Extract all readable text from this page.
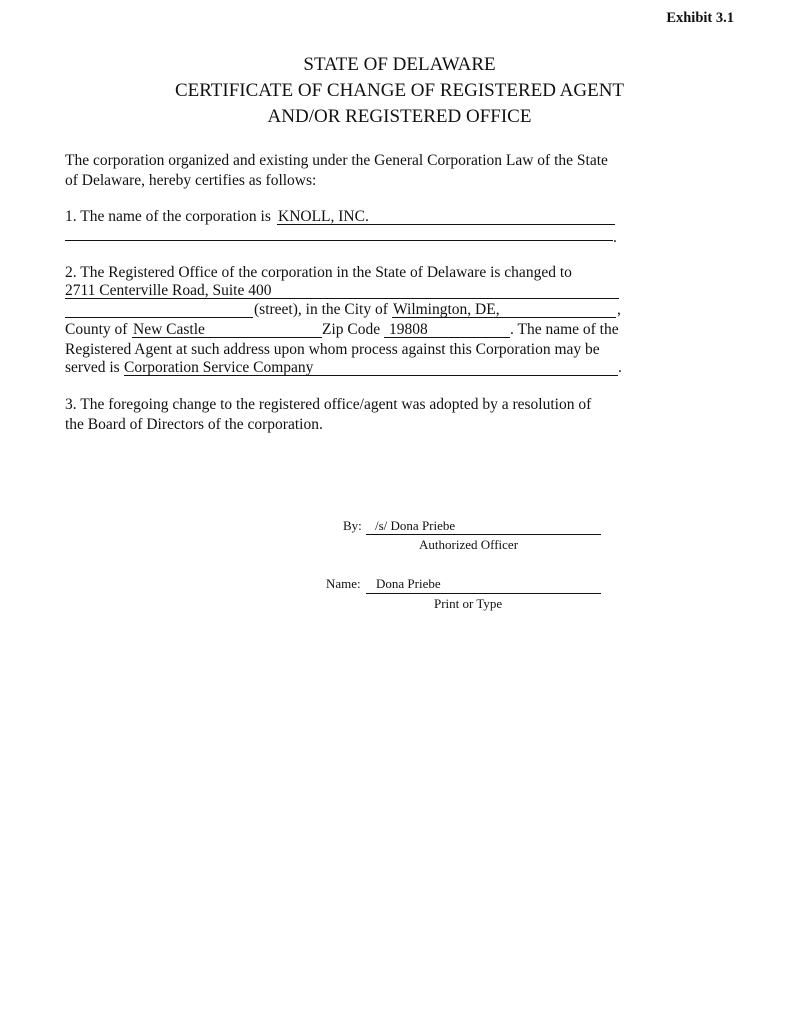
Exhibit 3.1
STATE OF DELAWARE
CERTIFICATE OF CHANGE OF REGISTERED AGENT
AND/OR REGISTERED OFFICE
The corporation organized and existing under the General Corporation Law of the State
of Delaware, hereby certifies as follows:
1. The name of the corporation is KNOLL, INC.
.
2. The Registered Office of the corporation in the State of Delaware is changed to
2711 Centerville Road, Suite 400
(street), in the City of Wilmington, DE,	,
County of New Castle	Zip Code 19808	. The name of the
Registered Agent at such address upon whom process against this Corporation may be
served is Corporation Service Company	.
3. The foregoing change to the registered office/agent was adopted by a resolution of
the Board of Directors of the corporation.
By: /s/ Dona Priebe
Authorized Officer
Name: Dona Priebe
Print or Type
